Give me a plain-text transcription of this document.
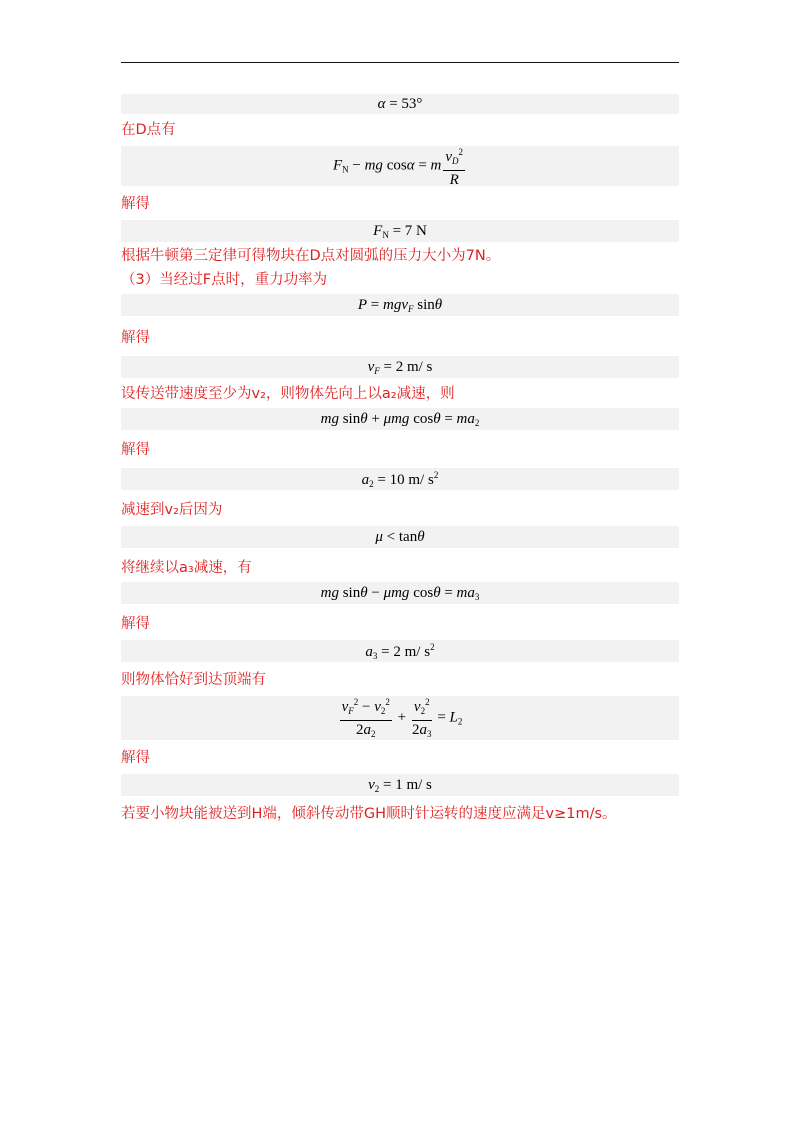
α = 53°
在D点有
$F_N$ − mg cosα = m $\frac{v_D^2}{R}$
解得
$F_N = 7$ N
根据牛顿第三定律可得物块在D点对圆弧的压力大小为7N。
（3）当经过F点时，重力功率为
P = mgv$_F$ sinθ
解得
$v_F = 2$ m/ s
设传送带速度至少为v₂，则物体先向上以a₂减速，则
mg sinθ + μmg $\cos\theta = ma_2$
解得
$a_2 = 10$ m/ $s^2$
减速到v₂后因为
μ < tanθ
将继续以a₃减速，有
mg sinθ − μmg $\cos\theta = ma_3$
解得
$a_3 = 2$ m/ $s^2$
则物体恰好到达顶端有
$\frac{v_F^2 - v_2^2}{2a_2} + \frac{v_2^2}{2a_3} = L_2$
解得
$v_2 = 1$ m/ s
若要小物块能被送到H端，倾斜传动带GH顺时针运转的速度应满足v≥1m/s。
